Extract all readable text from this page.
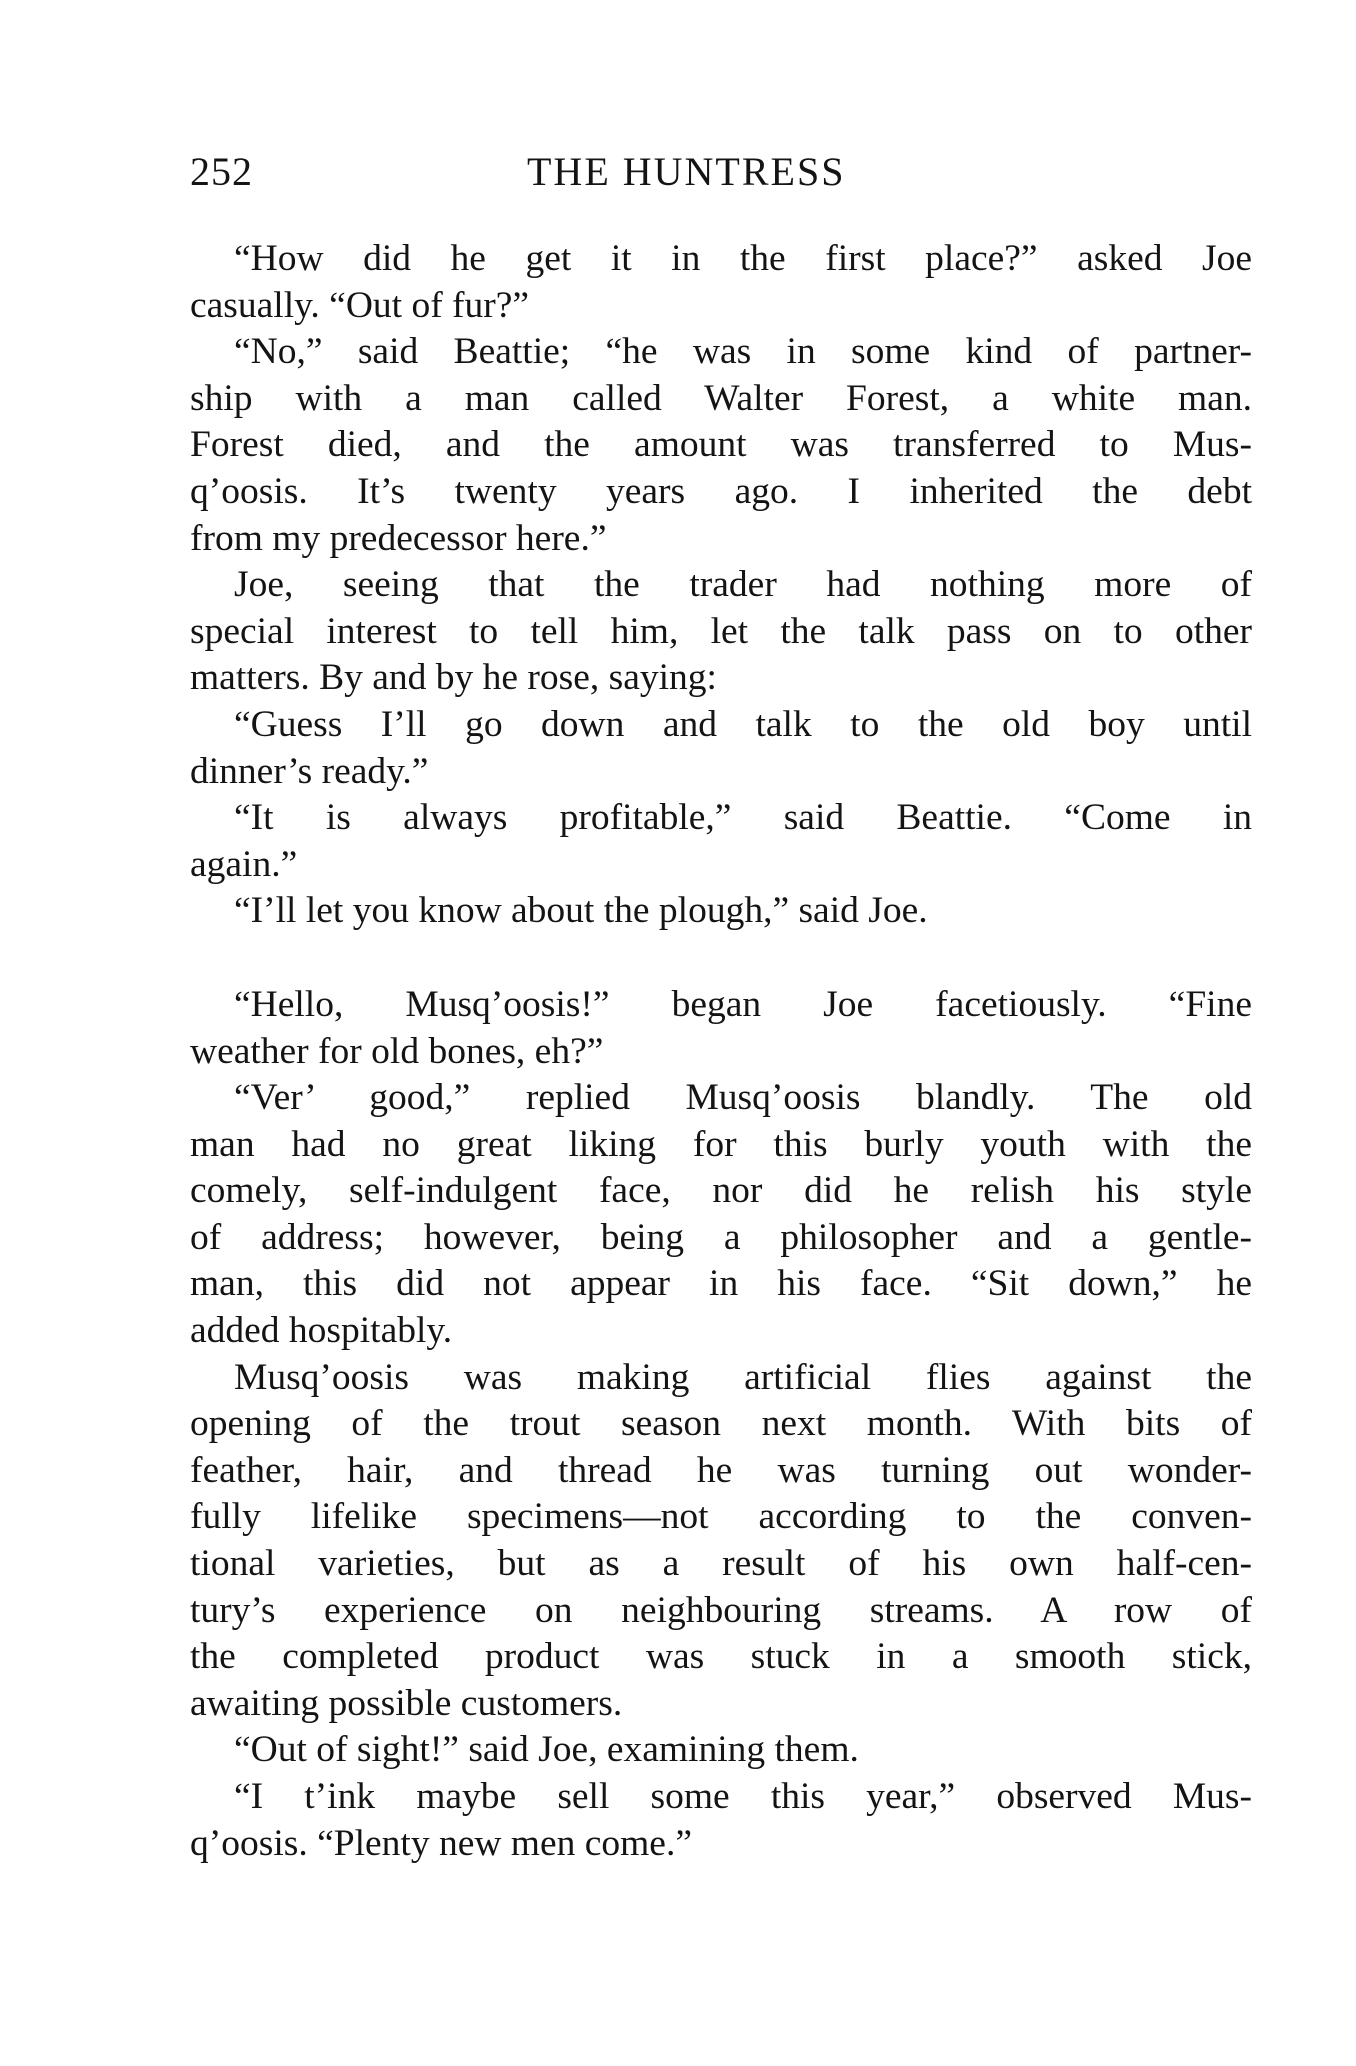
252	THE HUNTRESS
“How did he get it in the first place?” asked Joe
casually. “Out of fur?”
“No,” said Beattie; “he was in some kind of partner-
ship with a man called Walter Forest, a white man.
Forest died, and the amount was transferred to Mus-
q’oosis. It’s twenty years ago. I inherited the debt
from my predecessor here.”
Joe, seeing that the trader had nothing more of
special interest to tell him, let the talk pass on to other
matters. By and by he rose, saying:
“Guess I’ll go down and talk to the old boy until
dinner’s ready.”
“It is always profitable,” said Beattie. “Come in
again.”
“I’ll let you know about the plough,” said Joe.
“Hello, Musq’oosis!” began Joe facetiously. “Fine
weather for old bones, eh?”
“Ver’ good,” replied Musq’oosis blandly. The old
man had no great liking for this burly youth with the
comely, self-indulgent face, nor did he relish his style
of address; however, being a philosopher and a gentle-
man, this did not appear in his face. “Sit down,” he
added hospitably.
Musq’oosis was making artificial flies against the
opening of the trout season next month. With bits of
feather, hair, and thread he was turning out wonder-
fully lifelike specimens—not according to the conven-
tional varieties, but as a result of his own half-cen-
tury’s experience on neighbouring streams. A row of
the completed product was stuck in a smooth stick,
awaiting possible customers.
“Out of sight!” said Joe, examining them.
“I t’ink maybe sell some this year,” observed Mus-
q’oosis. “Plenty new men come.”
